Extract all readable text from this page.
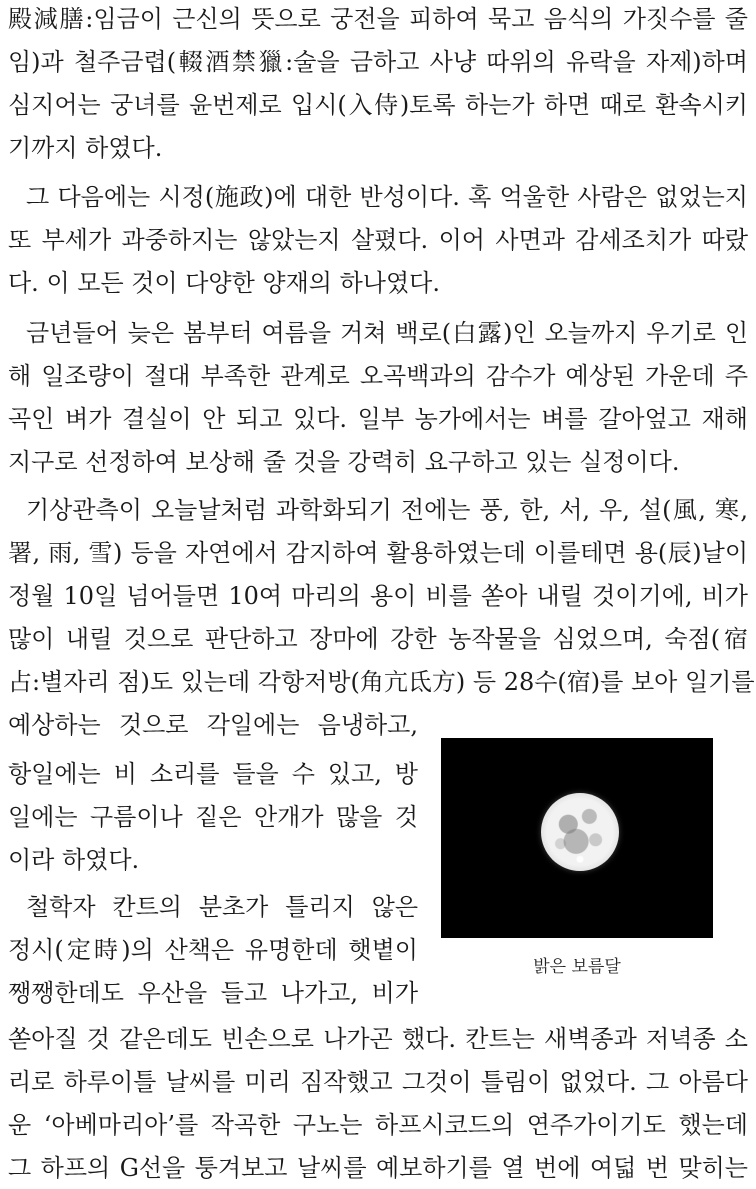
殿減膳:임금이 근신의 뜻으로 궁전을 피하여 묵고 음식의 가짓수를 줄
임)과 철주금렵(輟酒禁獵:술을 금하고 사냥 따위의 유락을 자제)하며
심지어는 궁녀를 윤번제로 입시(入侍)토록 하는가 하면 때로 환속시키
기까지 하였다.
그 다음에는 시정(施政)에 대한 반성이다. 혹 억울한 사람은 없었는지
또 부세가 과중하지는 않았는지 살폈다. 이어 사면과 감세조치가 따랐
다. 이 모든 것이 다양한 양재의 하나였다.
금년들어 늦은 봄부터 여름을 거쳐 백로(白露)인 오늘까지 우기로 인
해 일조량이 절대 부족한 관계로 오곡백과의 감수가 예상된 가운데 주
곡인 벼가 결실이 안 되고 있다. 일부 농가에서는 벼를 갈아엎고 재해
지구로 선정하여 보상해 줄 것을 강력히 요구하고 있는 실정이다.
기상관측이 오늘날처럼 과학화되기 전에는 풍, 한, 서, 우, 설(風, 寒,
署, 雨, 雪) 등을 자연에서 감지하여 활용하였는데 이를테면 용(辰)날이
정월 10일 넘어들면 10여 마리의 용이 비를 쏟아 내릴 것이기에, 비가
많이 내릴 것으로 판단하고 장마에 강한 농작물을 심었으며, 숙점(宿
占:별자리 점)도 있는데 각항저방(角亢氐方) 등 28수(宿)를 보아 일기를
예상하는 것으로 각일에는 음냉하고,
항일에는 비 소리를 들을 수 있고, 방
일에는 구름이나 짙은 안개가 많을 것
이라 하였다.
철학자 칸트의 분초가 틀리지 않은
정시(定時)의 산책은 유명한데 햇볕이
쨍쨍한데도 우산을 들고 나가고, 비가
쏟아질 것 같은데도 빈손으로 나가곤 했다. 칸트는 새벽종과 저녁종 소
리로 하루이틀 날씨를 미리 짐작했고 그것이 틀림이 없었다. 그 아름다
운 ‘아베마리아’를 작곡한 구노는 하프시코드의 연주가이기도 했는데
그 하프의 G선을 퉁겨보고 날씨를 예보하기를 열 번에 여덟 번 맞히는
밝은 보름달
